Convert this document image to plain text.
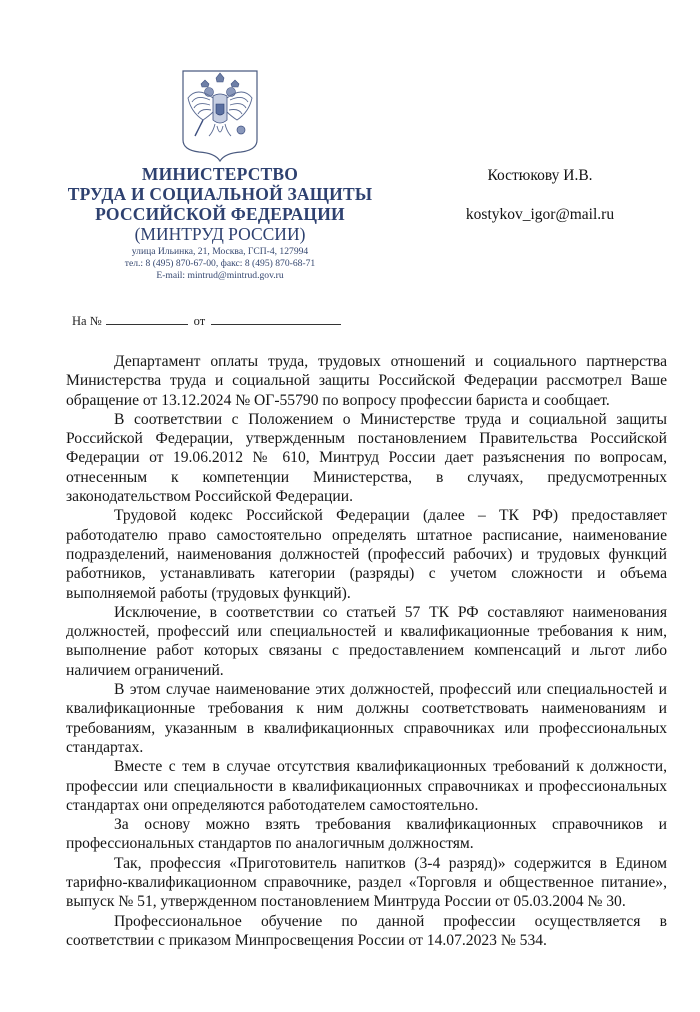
МИНИСТЕРСТВО
ТРУДА И СОЦИАЛЬНОЙ ЗАЩИТЫ
РОССИЙСКОЙ ФЕДЕРАЦИИ
(МИНТРУД РОССИИ)
улица Ильинка, 21, Москва, ГСП-4, 127994
тел.: 8 (495) 870-67-00, факс: 8 (495) 870-68-71
E-mail: mintrud@mintrud.gov.ru
Костюкову И.В.
kostykov_igor@mail.ru
На №	от

Департамент оплаты труда, трудовых отношений и социального партнерства Министерства труда и социальной защиты Российской Федерации рассмотрел Ваше обращение от 13.12.2024 № ОГ-55790 по вопросу профессии бариста и сообщает.

В соответствии с Положением о Министерстве труда и социальной защиты Российской Федерации, утвержденным постановлением Правительства Российской Федерации от 19.06.2012 № 610, Минтруд России дает разъяснения по вопросам, отнесенным к компетенции Министерства, в случаях, предусмотренных законодательством Российской Федерации.

Трудовой кодекс Российской Федерации (далее – ТК РФ) предоставляет работодателю право самостоятельно определять штатное расписание, наименование подразделений, наименования должностей (профессий рабочих) и трудовых функций работников, устанавливать категории (разряды) с учетом сложности и объема выполняемой работы (трудовых функций).

Исключение, в соответствии со статьей 57 ТК РФ составляют наименования должностей, профессий или специальностей и квалификационные требования к ним, выполнение работ которых связаны с предоставлением компенсаций и льгот либо наличием ограничений.

В этом случае наименование этих должностей, профессий или специальностей и квалификационные требования к ним должны соответствовать наименованиям и требованиям, указанным в квалификационных справочниках или профессиональных стандартах.

Вместе с тем в случае отсутствия квалификационных требований к должности, профессии или специальности в квалификационных справочниках и профессиональных стандартах они определяются работодателем самостоятельно.

За основу можно взять требования квалификационных справочников и профессиональных стандартов по аналогичным должностям.

Так, профессия «Приготовитель напитков (3-4 разряд)» содержится в Едином тарифно-квалификационном справочнике, раздел «Торговля и общественное питание», выпуск № 51, утвержденном постановлением Минтруда России от 05.03.2004 № 30.

Профессиональное обучение по данной профессии осуществляется в соответствии с приказом Минпросвещения России от 14.07.2023 № 534.
